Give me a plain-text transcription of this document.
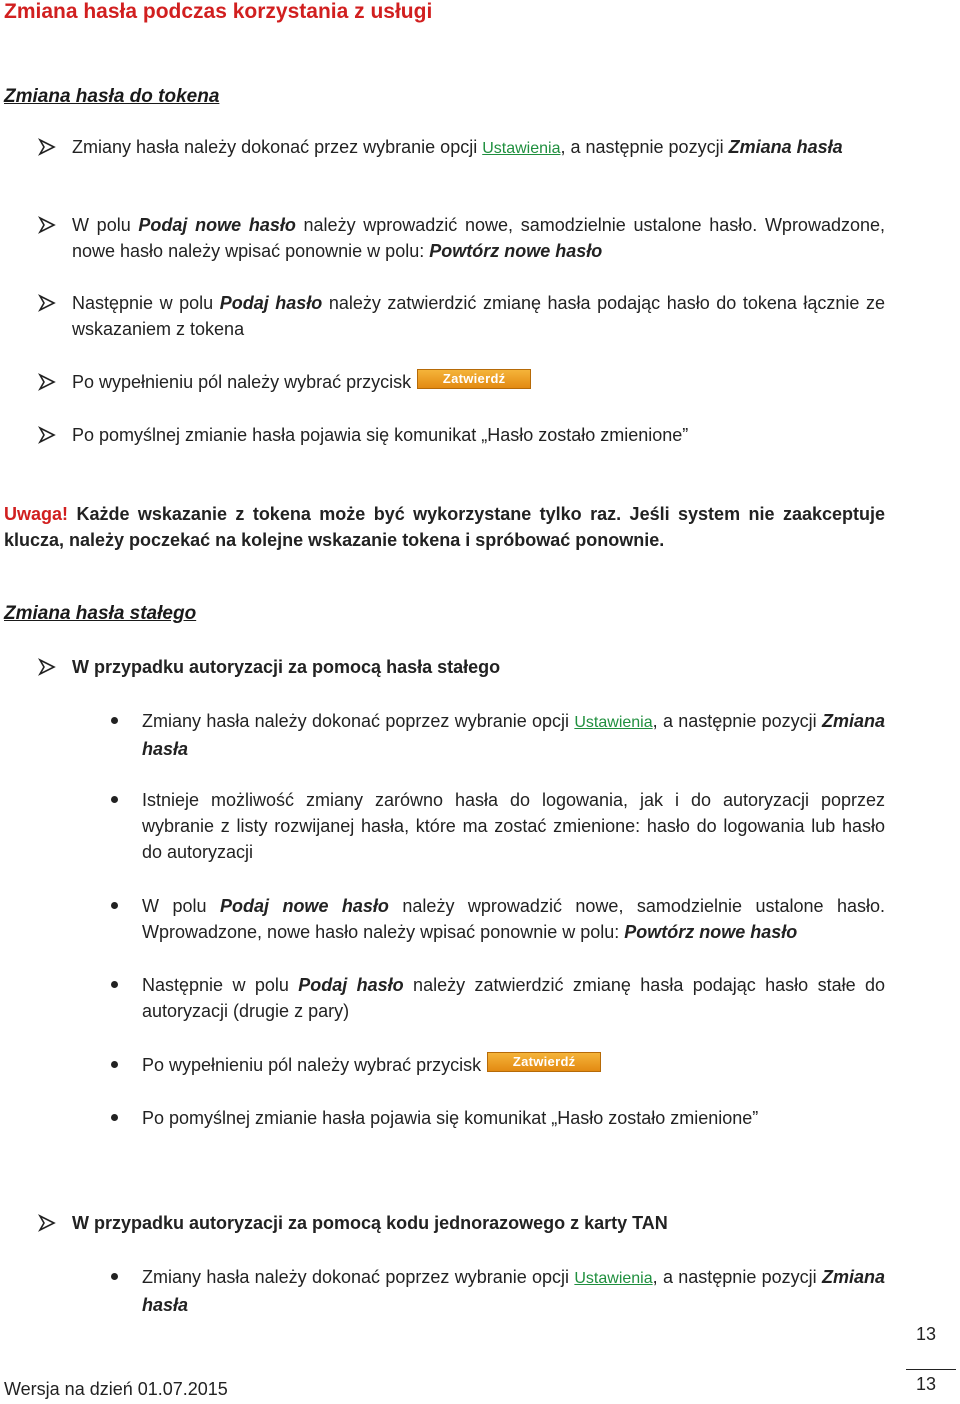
Zmiana hasła podczas korzystania z usługi
Zmiana hasła do tokena
Zmiany hasła należy dokonać przez wybranie opcji Ustawienia, a następnie pozycji Zmiana hasła
W polu Podaj nowe hasło należy wprowadzić nowe, samodzielnie ustalone hasło. Wprowadzone, nowe hasło należy wpisać ponownie w polu: Powtórz nowe hasło
Następnie w polu Podaj hasło należy zatwierdzić zmianę hasła podając hasło do tokena łącznie ze wskazaniem z tokena
Po wypełnieniu pól należy wybrać przycisk Zatwierdź
Po pomyślnej zmianie hasła pojawia się komunikat „Hasło zostało zmienione”
Uwaga! Każde wskazanie z tokena może być wykorzystane tylko raz. Jeśli system nie zaakceptuje klucza, należy poczekać na kolejne wskazanie tokena i spróbować ponownie.
Zmiana hasła stałego
W przypadku autoryzacji za pomocą hasła stałego
Zmiany hasła należy dokonać poprzez wybranie opcji Ustawienia, a następnie pozycji Zmiana hasła
Istnieje możliwość zmiany zarówno hasła do logowania, jak i do autoryzacji poprzez wybranie z listy rozwijanej hasła, które ma zostać zmienione: hasło do logowania lub hasło do autoryzacji
W polu Podaj nowe hasło należy wprowadzić nowe, samodzielnie ustalone hasło. Wprowadzone, nowe hasło należy wpisać ponownie w polu: Powtórz nowe hasło
Następnie w polu Podaj hasło należy zatwierdzić zmianę hasła podając hasło stałe do autoryzacji (drugie z pary)
Po wypełnieniu pól należy wybrać przycisk Zatwierdź
Po pomyślnej zmianie hasła pojawia się komunikat „Hasło zostało zmienione”
W przypadku autoryzacji za pomocą kodu jednorazowego z karty TAN
Zmiany hasła należy dokonać poprzez wybranie opcji Ustawienia, a następnie pozycji Zmiana hasła
13
13
Wersja na dzień 01.07.2015
